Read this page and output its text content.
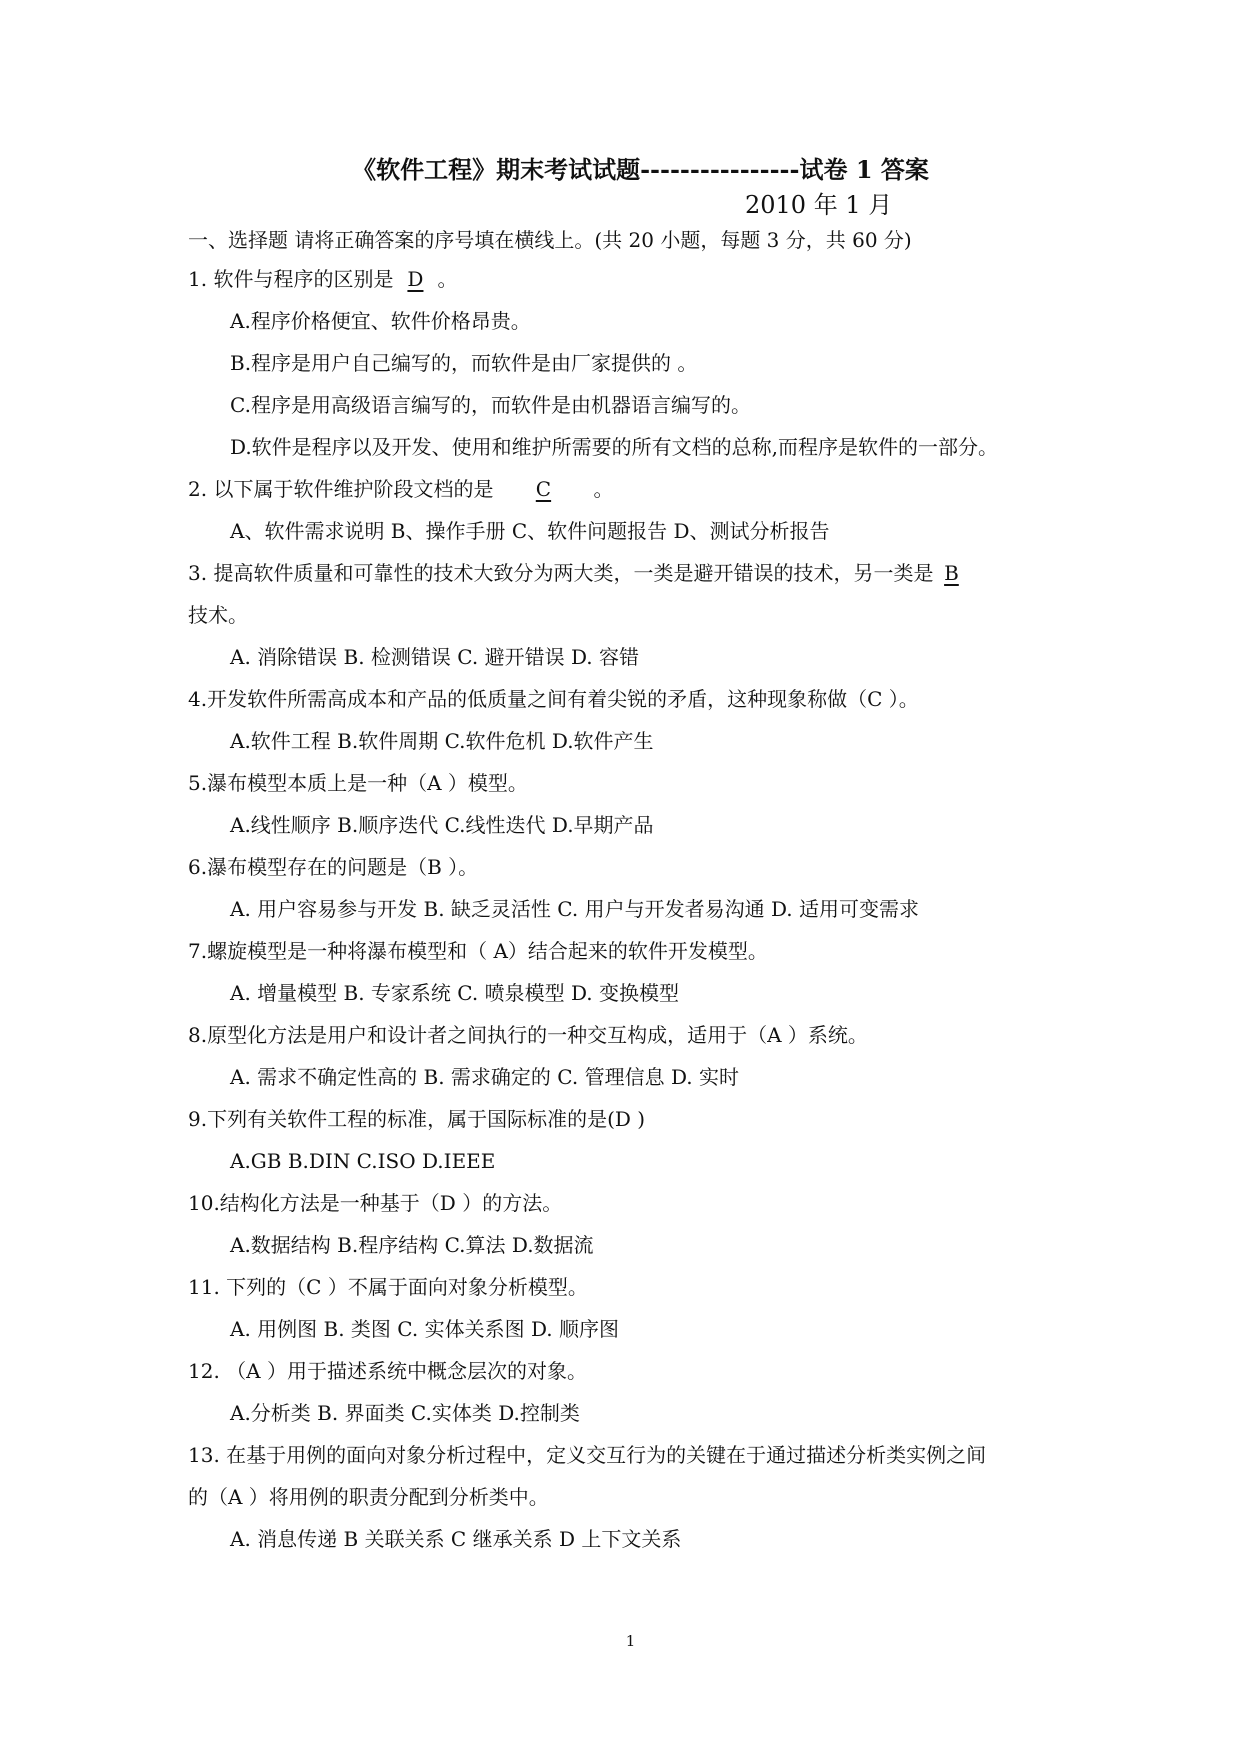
《软件工程》期末考试试题----------------试卷 1 答案
2010 年 1 月
一、选择题 请将正确答案的序号填在横线上。(共 20 小题，每题 3 分，共 60 分)
1. 软件与程序的区别是 D。
A.程序价格便宜、软件价格昂贵。
B.程序是用户自己编写的，而软件是由厂家提供的 。
C.程序是用高级语言编写的，而软件是由机器语言编写的。
D.软件是程序以及开发、使用和维护所需要的所有文档的总称,而程序是软件的一部分。
2. 以下属于软件维护阶段文档的是C。
A、软件需求说明 B、操作手册 C、软件问题报告 D、测试分析报告
3. 提高软件质量和可靠性的技术大致分为两大类，一类是避开错误的技术，另一类是B
技术。
A. 消除错误 B. 检测错误 C. 避开错误 D. 容错
4.开发软件所需高成本和产品的低质量之间有着尖锐的矛盾，这种现象称做（C ）。
A.软件工程 B.软件周期 C.软件危机 D.软件产生
5.瀑布模型本质上是一种（A ）模型。
A.线性顺序 B.顺序迭代 C.线性迭代 D.早期产品
6.瀑布模型存在的问题是（B ）。
A. 用户容易参与开发 B. 缺乏灵活性 C. 用户与开发者易沟通 D. 适用可变需求
7.螺旋模型是一种将瀑布模型和（ A）结合起来的软件开发模型。
A. 增量模型 B. 专家系统 C. 喷泉模型 D. 变换模型
8.原型化方法是用户和设计者之间执行的一种交互构成，适用于（A ）系统。
A. 需求不确定性高的 B. 需求确定的 C. 管理信息 D. 实时
9.下列有关软件工程的标准，属于国际标准的是(D )
A.GB B.DIN C.ISO D.IEEE
10.结构化方法是一种基于（D ）的方法。
A.数据结构 B.程序结构 C.算法 D.数据流
11. 下列的（C ）不属于面向对象分析模型。
A. 用例图 B. 类图 C. 实体关系图 D. 顺序图
12. （A ）用于描述系统中概念层次的对象。
A.分析类 B. 界面类 C.实体类 D.控制类
13. 在基于用例的面向对象分析过程中，定义交互行为的关键在于通过描述分析类实例之间
的（A ）将用例的职责分配到分析类中。
A. 消息传递 B 关联关系 C 继承关系 D 上下文关系
1
